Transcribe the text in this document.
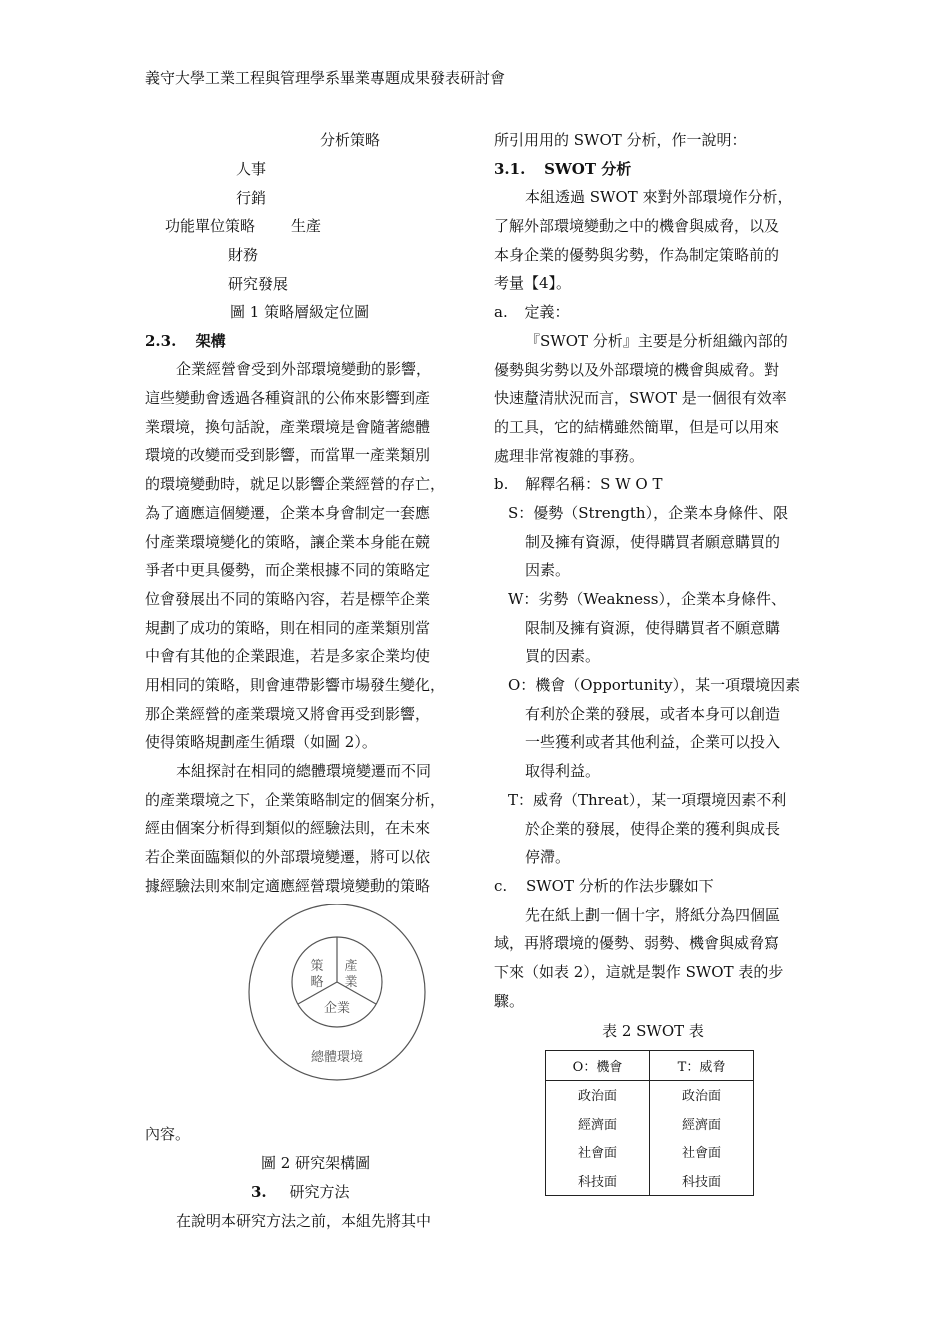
義守大學工業工程與管理學系畢業專題成果發表研討會
分析策略
人事
行銷
功能單位策略 生產
財務
研究發展
圖 1 策略層級定位圖
2.3. 架構
企業經營會受到外部環境變動的影響，
這些變動會透過各種資訊的公佈來影響到產
業環境，換句話說，產業環境是會隨著總體
環境的改變而受到影響，而當單一產業類別
的環境變動時，就足以影響企業經營的存亡，
為了適應這個變遷，企業本身會制定一套應
付產業環境變化的策略，讓企業本身能在競
爭者中更具優勢，而企業根據不同的策略定
位會發展出不同的策略內容，若是標竿企業
規劃了成功的策略，則在相同的產業類別當
中會有其他的企業跟進，若是多家企業均使
用相同的策略，則會連帶影響市場發生變化，
那企業經營的產業環境又將會再受到影響，
使得策略規劃產生循環（如圖 2）。
本組探討在相同的總體環境變遷而不同
的產業環境之下，企業策略制定的個案分析，
經由個案分析得到類似的經驗法則，在未來
若企業面臨類似的外部環境變遷，將可以依
據經驗法則來制定適應經營環境變動的策略
策
略
產
業
企業
總體環境
內容。
圖 2 研究架構圖
3. 研究方法
在說明本研究方法之前，本組先將其中
所引用用的 SWOT 分析，作一說明：
3.1. SWOT 分析
本組透過 SWOT 來對外部環境作分析，
了解外部環境變動之中的機會與威脅，以及
本身企業的優勢與劣勢，作為制定策略前的
考量【4】。
a. 定義：
『SWOT 分析』主要是分析組織內部的
優勢與劣勢以及外部環境的機會與威脅。對
快速釐清狀況而言，SWOT 是一個很有效率
的工具，它的結構雖然簡單，但是可以用來
處理非常複雜的事務。
b. 解釋名稱：S W O T
S：優勢（Strength），企業本身條件、限
制及擁有資源，使得購買者願意購買的
因素。
W：劣勢（Weakness），企業本身條件、
限制及擁有資源，使得購買者不願意購
買的因素。
O：機會（Opportunity），某一項環境因素
有利於企業的發展，或者本身可以創造
一些獲利或者其他利益，企業可以投入
取得利益。
T：威脅（Threat），某一項環境因素不利
於企業的發展，使得企業的獲利與成長
停滯。
c. SWOT 分析的作法步驟如下
先在紙上劃一個十字，將紙分為四個區
域，再將環境的優勢、弱勢、機會與威脅寫
下來（如表 2），這就是製作 SWOT 表的步
驟。
表 2 SWOT 表
O：機會	T：威脅
政治面	政治面
經濟面	經濟面
社會面	社會面
科技面	科技面
